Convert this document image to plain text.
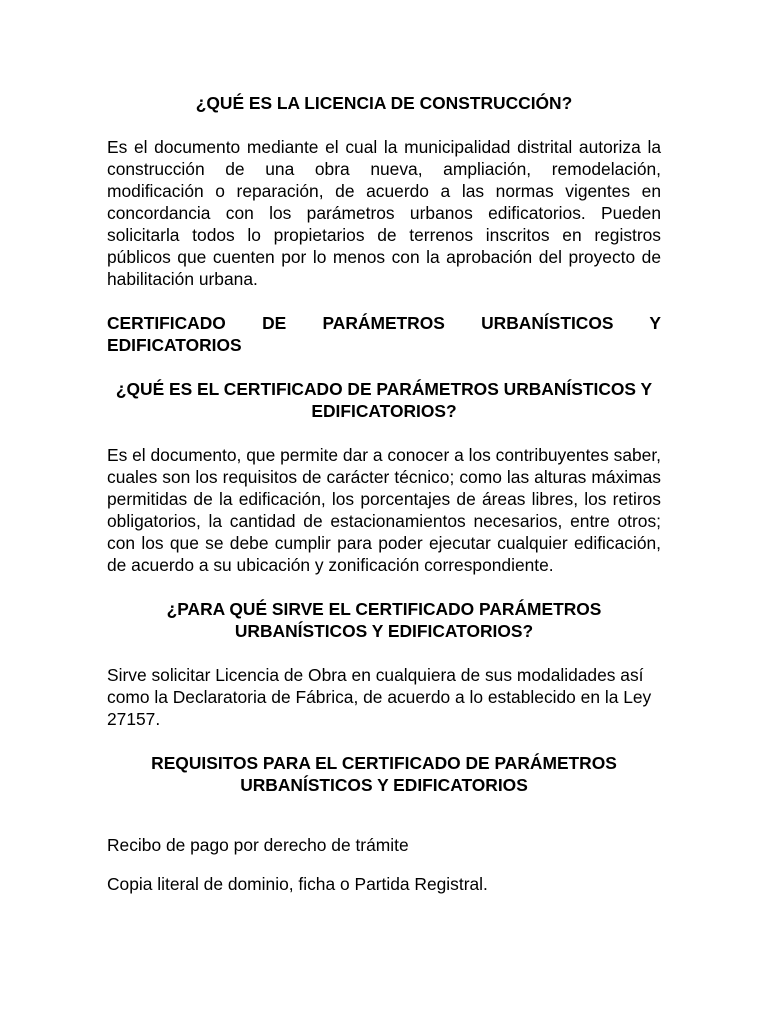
¿QUÉ ES LA LICENCIA DE CONSTRUCCIÓN?

Es el documento mediante el cual la municipalidad distrital autoriza la construcción de una obra nueva, ampliación, remodelación, modificación o reparación, de acuerdo a las normas vigentes en concordancia con los parámetros urbanos edificatorios. Pueden solicitarla todos lo propietarios de terrenos inscritos en registros públicos que cuenten por lo menos con la aprobación del proyecto de habilitación urbana.

CERTIFICADO DE PARÁMETROS URBANÍSTICOS Y EDIFICATORIOS

¿QUÉ ES EL CERTIFICADO DE PARÁMETROS URBANÍSTICOS Y EDIFICATORIOS?

Es el documento, que permite dar a conocer a los contribuyentes saber, cuales son los requisitos de carácter técnico; como las alturas máximas permitidas de la edificación, los porcentajes de áreas libres, los retiros obligatorios, la cantidad de estacionamientos necesarios, entre otros; con los que se debe cumplir para poder ejecutar cualquier edificación, de acuerdo a su ubicación y zonificación correspondiente.

¿PARA QUÉ SIRVE EL CERTIFICADO PARÁMETROS URBANÍSTICOS Y EDIFICATORIOS?

Sirve solicitar Licencia de Obra en cualquiera de sus modalidades así como la Declaratoria de Fábrica, de acuerdo a lo establecido en la Ley 27157.

REQUISITOS PARA EL CERTIFICADO DE PARÁMETROS URBANÍSTICOS Y EDIFICATORIOS

Recibo de pago por derecho de trámite

Copia literal de dominio, ficha o Partida Registral.
